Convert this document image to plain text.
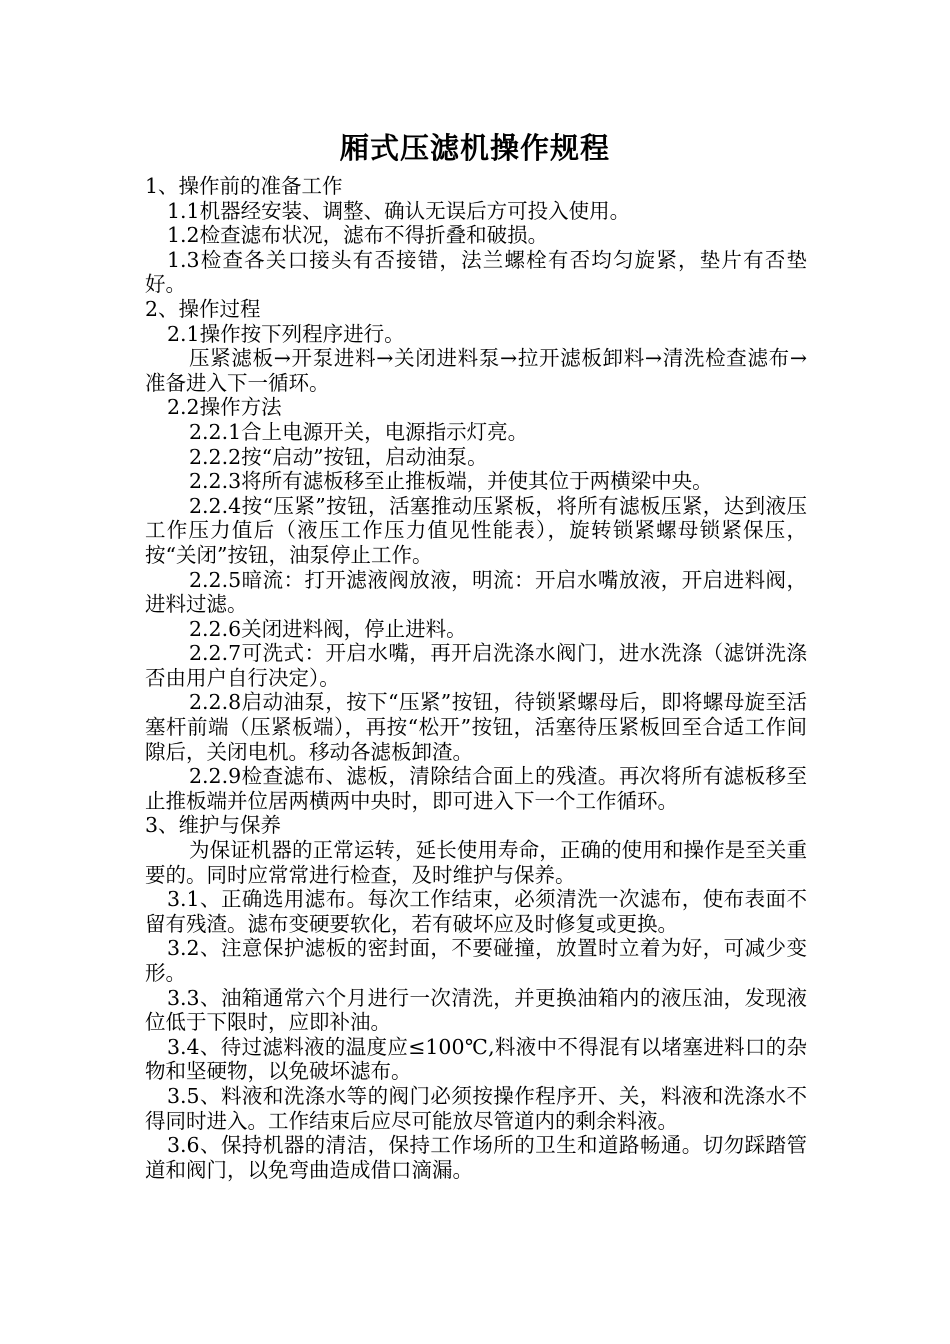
厢式压滤机操作规程

1、操作前的准备工作

1.1机器经安装、调整、确认无误后方可投入使用。

1.2检查滤布状况，滤布不得折叠和破损。

1.3检查各关口接头有否接错，法兰螺栓有否均匀旋紧，垫片有否垫好。

2、操作过程

2.1操作按下列程序进行。

压紧滤板→开泵进料→关闭进料泵→拉开滤板卸料→清洗检查滤布→准备进入下一循环。

2.2操作方法

2.2.1合上电源开关，电源指示灯亮。

2.2.2按“启动”按钮，启动油泵。

2.2.3将所有滤板移至止推板端，并使其位于两横梁中央。

2.2.4按“压紧”按钮，活塞推动压紧板，将所有滤板压紧，达到液压工作压力值后（液压工作压力值见性能表），旋转锁紧螺母锁紧保压，按“关闭”按钮，油泵停止工作。

2.2.5暗流：打开滤液阀放液，明流：开启水嘴放液，开启进料阀，进料过滤。

2.2.6关闭进料阀，停止进料。

2.2.7可洗式：开启水嘴，再开启洗涤水阀门，进水洗涤（滤饼洗涤否由用户自行决定）。

2.2.8启动油泵，按下“压紧”按钮，待锁紧螺母后，即将螺母旋至活塞杆前端（压紧板端），再按“松开”按钮，活塞待压紧板回至合适工作间隙后，关闭电机。移动各滤板卸渣。

2.2.9检查滤布、滤板，清除结合面上的残渣。再次将所有滤板移至止推板端并位居两横两中央时，即可进入下一个工作循环。

3、维护与保养

为保证机器的正常运转，延长使用寿命，正确的使用和操作是至关重要的。同时应常常进行检查，及时维护与保养。

3.1、正确选用滤布。每次工作结束，必须清洗一次滤布，使布表面不留有残渣。滤布变硬要软化，若有破坏应及时修复或更换。

3.2、注意保护滤板的密封面，不要碰撞，放置时立着为好，可减少变形。

3.3、油箱通常六个月进行一次清洗，并更换油箱内的液压油，发现液位低于下限时，应即补油。

3.4、待过滤料液的温度应≤100℃,料液中不得混有以堵塞进料口的杂物和坚硬物，以免破坏滤布。

3.5、料液和洗涤水等的阀门必须按操作程序开、关，料液和洗涤水不得同时进入。工作结束后应尽可能放尽管道内的剩余料液。

3.6、保持机器的清洁，保持工作场所的卫生和道路畅通。切勿踩踏管道和阀门，以免弯曲造成借口滴漏。
